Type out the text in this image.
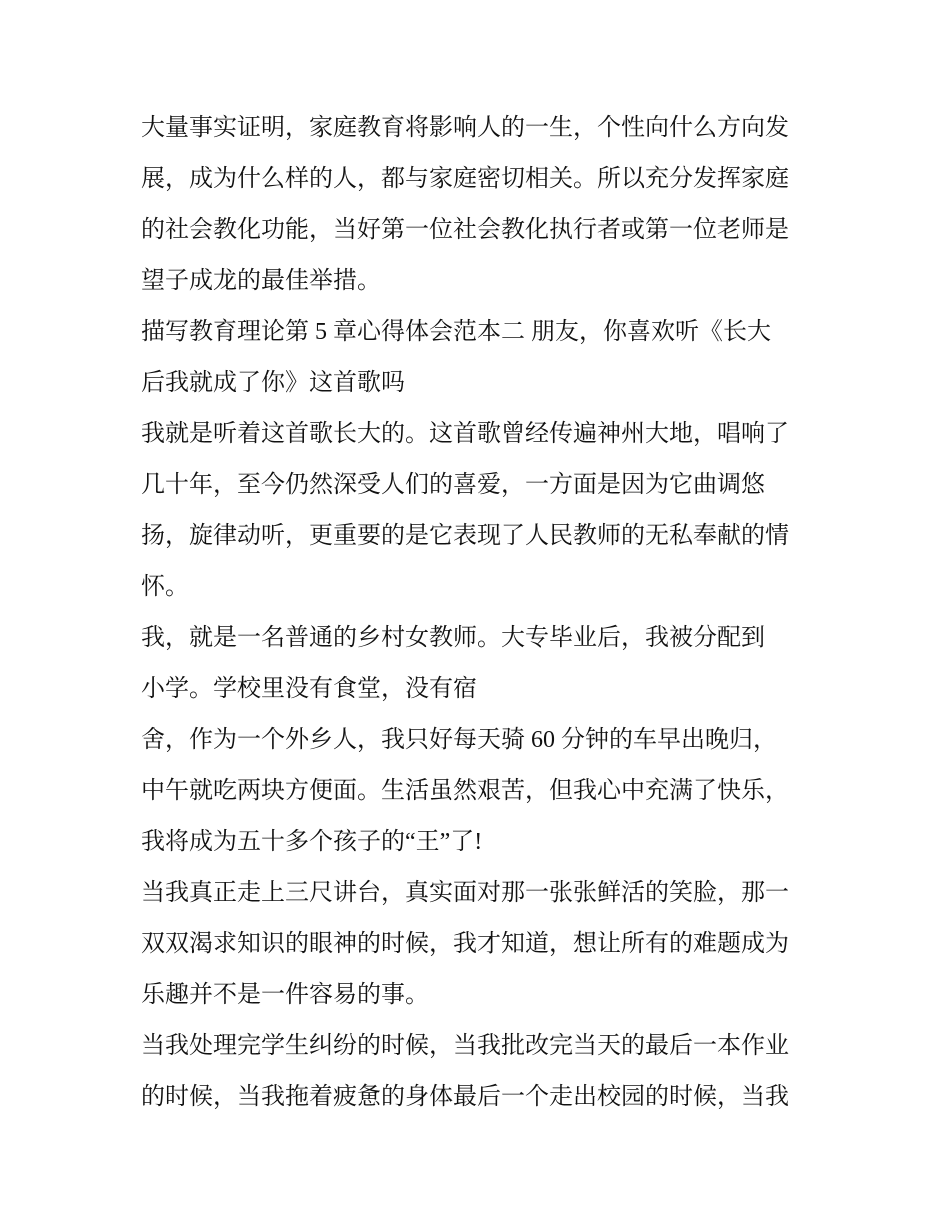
大量事实证明，家庭教育将影响人的一生，个性向什么方向发
展，成为什么样的人，都与家庭密切相关。所以充分发挥家庭
的社会教化功能，当好第一位社会教化执行者或第一位老师是
望子成龙的最佳举措。
描写教育理论第 5 章心得体会范本二 朋友，你喜欢听《长大
后我就成了你》这首歌吗
我就是听着这首歌长大的。这首歌曾经传遍神州大地，唱响了
几十年，至今仍然深受人们的喜爱，一方面是因为它曲调悠
扬，旋律动听，更重要的是它表现了人民教师的无私奉献的情
怀。
我，就是一名普通的乡村女教师。大专毕业后，我被分配到
小学。学校里没有食堂，没有宿
舍，作为一个外乡人，我只好每天骑 60 分钟的车早出晚归，
中午就吃两块方便面。生活虽然艰苦，但我心中充满了快乐，
我将成为五十多个孩子的“王”了!
当我真正走上三尺讲台，真实面对那一张张鲜活的笑脸，那一
双双渴求知识的眼神的时候，我才知道，想让所有的难题成为
乐趣并不是一件容易的事。
当我处理完学生纠纷的时候，当我批改完当天的最后一本作业
的时候，当我拖着疲惫的身体最后一个走出校园的时候，当我
